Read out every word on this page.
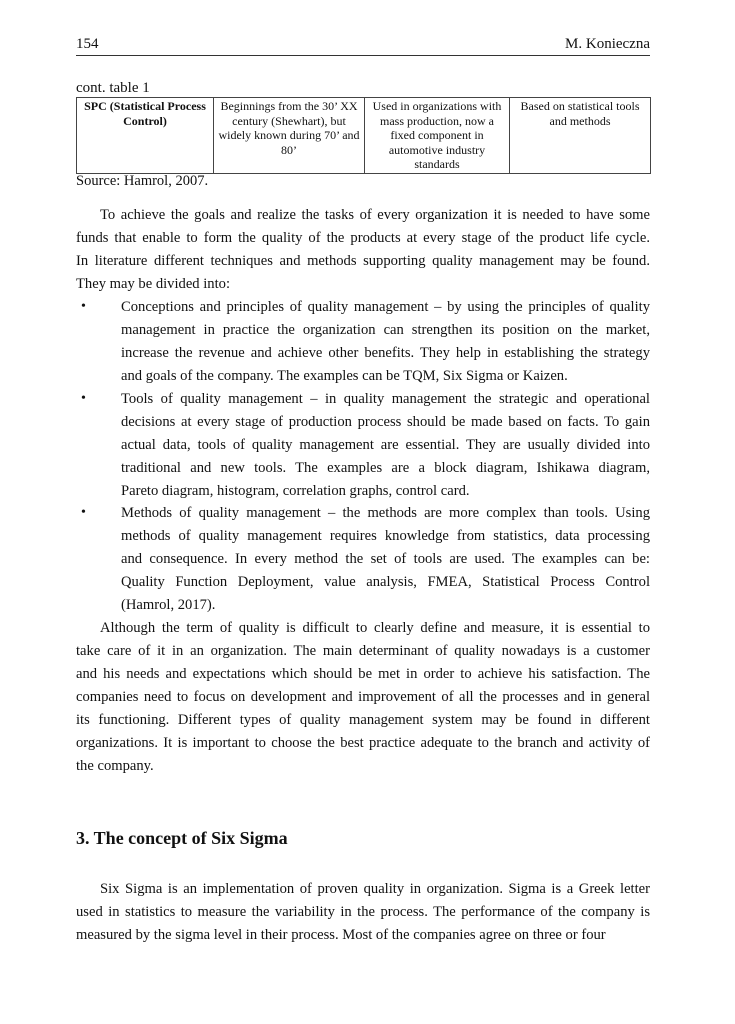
154	M. Konieczna
cont. table 1
SPC (Statistical Process Control)	Beginnings from the 30’ XX century (Shewhart), but widely known during 70’ and 80’	Used in organizations with mass production, now a fixed component in automotive industry standards	Based on statistical tools and methods
Source: Hamrol, 2007.
3. The concept of Six Sigma
To achieve the goals and realize the tasks of every organization it is needed to have some
funds that enable to form the quality of the products at every stage of the product life cycle.
In literature different techniques and methods supporting quality management may be found.
They may be divided into:
• Conceptions and principles of quality management – by using the principles of quality
management in practice the organization can strengthen its position on the market,
increase the revenue and achieve other benefits. They help in establishing the strategy
and goals of the company. The examples can be TQM, Six Sigma or Kaizen.
• Tools of quality management – in quality management the strategic and operational
decisions at every stage of production process should be made based on facts. To gain
actual data, tools of quality management are essential. They are usually divided into
traditional and new tools. The examples are a block diagram, Ishikawa diagram,
Pareto diagram, histogram, correlation graphs, control card.
• Methods of quality management – the methods are more complex than tools. Using
methods of quality management requires knowledge from statistics, data processing
and consequence. In every method the set of tools are used. The examples can be:
Quality Function Deployment, value analysis, FMEA, Statistical Process Control
(Hamrol, 2017).
Although the term of quality is difficult to clearly define and measure, it is essential to
take care of it in an organization. The main determinant of quality nowadays is a customer
and his needs and expectations which should be met in order to achieve his satisfaction. The
companies need to focus on development and improvement of all the processes and in general
its functioning. Different types of quality management system may be found in different
organizations. It is important to choose the best practice adequate to the branch and activity of
the company.
Six Sigma is an implementation of proven quality in organization. Sigma is a Greek letter
used in statistics to measure the variability in the process. The performance of the company is
measured by the sigma level in their process. Most of the companies agree on three or four
